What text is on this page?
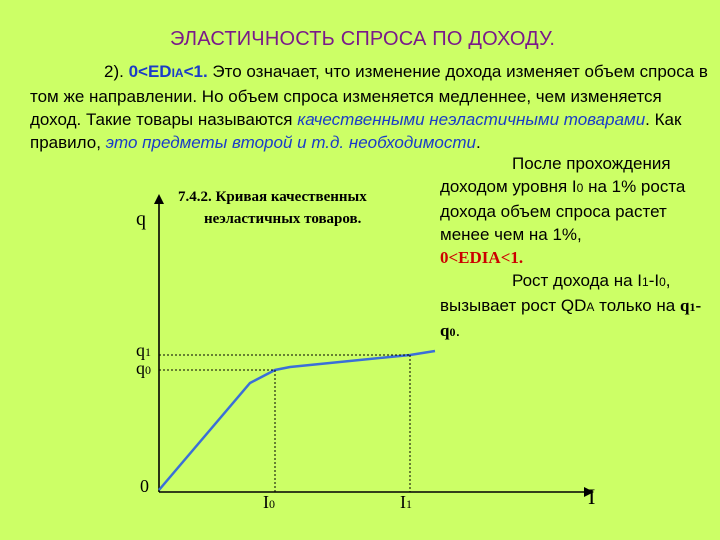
ЭЛАСТИЧНОСТЬ СПРОСА ПО ДОХОДУ.
2). 0<EDIA<1. Это означает, что изменение дохода изменяет объем спроса в том же направлении. Но объем спроса изменяется медленнее, чем изменяется доход. Такие товары называются качественными неэластичными товарами. Как правило, это предметы второй и т.д. необходимости.
7.4.2. Кривая качественных
неэластичных товаров.
После прохождения доходом уровня I0 на 1% роста дохода объем спроса растет менее чем на 1%,
0<EDIA<1.
Рост дохода на I1-I0, вызывает рост QDA только на q1-q0.
q
I
0
q1
q0
I0	I1
